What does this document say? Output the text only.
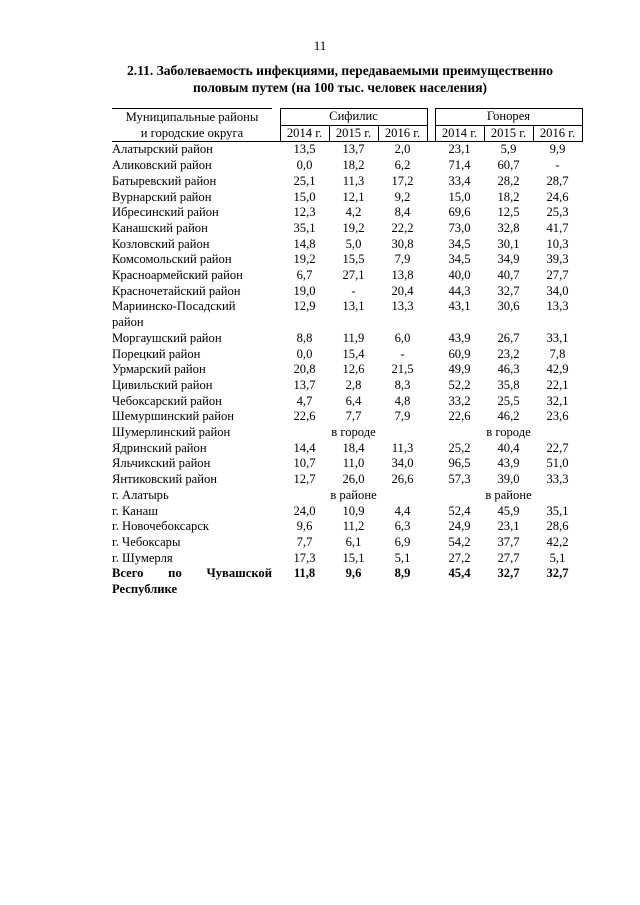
11
2.11. Заболеваемость инфекциями, передаваемыми преимущественно
половым путем (на 100 тыс. человек населения)
Муниципальные районы		Сифилис				Гонорея		
и городские округа		2014 г.	2015 г.	2016 г.		2014 г.	2015 г.	2016 г.

Алатырский район		13,5	13,7	2,0		23,1	5,9	9,9

Аликовский район		0,0	18,2	6,2		71,4	60,7	-

Батыревский район		25,1	11,3	17,2		33,4	28,2	28,7

Вурнарский район		15,0	12,1	9,2		15,0	18,2	24,6

Ибресинский район		12,3	4,2	8,4		69,6	12,5	25,3

Канашский район		35,1	19,2	22,2		73,0	32,8	41,7

Козловский район		14,8	5,0	30,8		34,5	30,1	10,3

Комсомольский район		19,2	15,5	7,9		34,5	34,9	39,3

Красноармейский район		6,7	27,1	13,8		40,0	40,7	27,7

Красночетайский район		19,0	-	20,4		44,3	32,7	34,0

Мариинско-Посадский
район		12,9	13,1	13,3		43,1	30,6	13,3

Моргаушский район		8,8	11,9	6,0		43,9	26,7	33,1

Порецкий район		0,0	15,4	-		60,9	23,2	7,8

Урмарский район		20,8	12,6	21,5		49,9	46,3	42,9

Цивильский район		13,7	2,8	8,3		52,2	35,8	22,1

Чебоксарский район		4,7	6,4	4,8		33,2	25,5	32,1

Шемуршинский район		22,6	7,7	7,9		22,6	46,2	23,6

Шумерлинский район		в городе				в городе		

Ядринский район		14,4	18,4	11,3		25,2	40,4	22,7

Яльчикский район		10,7	11,0	34,0		96,5	43,9	51,0

Янтиковский район		12,7	26,0	26,6		57,3	39,0	33,3

г. Алатырь		в районе				в районе		

г. Канаш		24,0	10,9	4,4		52,4	45,9	35,1

г. Новочебоксарск		9,6	11,2	6,3		24,9	23,1	28,6

г. Чебоксары		7,7	6,1	6,9		54,2	37,7	42,2

г. Шумерля		17,3	15,1	5,1		27,2	27,7	5,1

Всего по Чувашской
Республике		11,8	9,6	8,9		45,4	32,7	32,7
